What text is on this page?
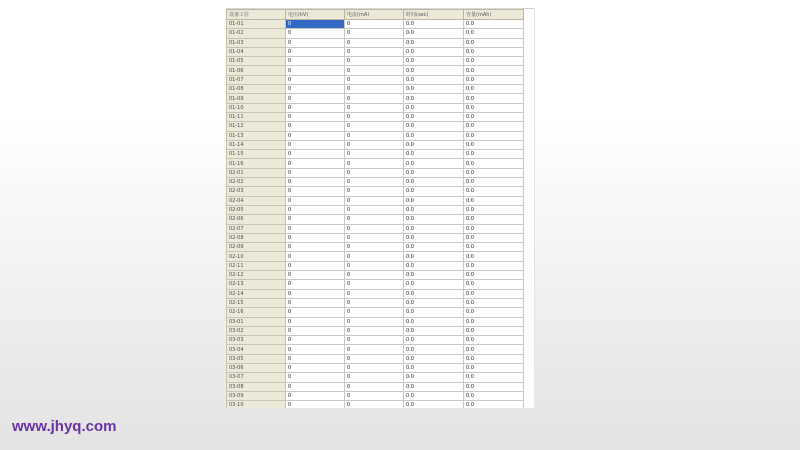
设备工位	电压(kV)	电流(mA)	时间(sec)	容量(mAh)
01-01	0	0	0.0	0.0
01-02	0	0	0.0	0.0
01-03	0	0	0.0	0.0
01-04	0	0	0.0	0.0
01-05	0	0	0.0	0.0
01-06	0	0	0.0	0.0
01-07	0	0	0.0	0.0
01-08	0	0	0.0	0.0
01-09	0	0	0.0	0.0
01-10	0	0	0.0	0.0
01-11	0	0	0.0	0.0
01-12	0	0	0.0	0.0
01-13	0	0	0.0	0.0
01-14	0	0	0.0	0.0
01-15	0	0	0.0	0.0
01-16	0	0	0.0	0.0
02-01	0	0	0.0	0.0
02-02	0	0	0.0	0.0
02-03	0	0	0.0	0.0
02-04	0	0	0.0	0.0
02-05	0	0	0.0	0.0
02-06	0	0	0.0	0.0
02-07	0	0	0.0	0.0
02-08	0	0	0.0	0.0
02-09	0	0	0.0	0.0
02-10	0	0	0.0	0.0
02-11	0	0	0.0	0.0
02-12	0	0	0.0	0.0
02-13	0	0	0.0	0.0
02-14	0	0	0.0	0.0
02-15	0	0	0.0	0.0
02-16	0	0	0.0	0.0
03-01	0	0	0.0	0.0
03-02	0	0	0.0	0.0
03-03	0	0	0.0	0.0
03-04	0	0	0.0	0.0
03-05	0	0	0.0	0.0
03-06	0	0	0.0	0.0
03-07	0	0	0.0	0.0
03-08	0	0	0.0	0.0
03-09	0	0	0.0	0.0
03-10	0	0	0.0	0.0
www.jhyq.com
